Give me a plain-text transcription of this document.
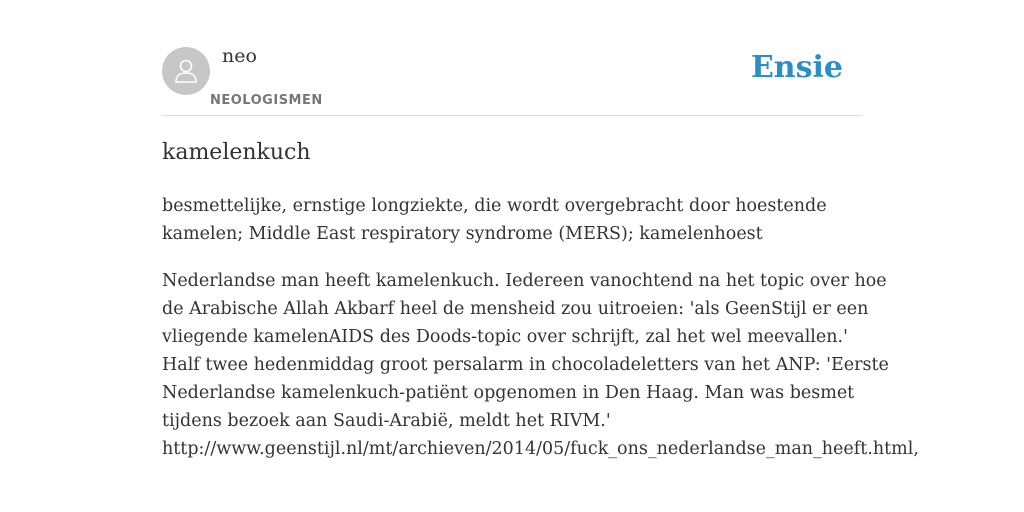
neo
NEOLOGISMEN
Ensie
kamelenkuch

besmettelijke, ernstige longziekte, die wordt overgebracht door hoestende
kamelen; Middle East respiratory syndrome (MERS); kamelenhoest

Nederlandse man heeft kamelenkuch. Iedereen vanochtend na het topic over hoe
de Arabische Allah Akbarf heel de mensheid zou uitroeien: 'als GeenStijl er een
vliegende kamelenAIDS des Doods-topic over schrijft, zal het wel meevallen.'
Half twee hedenmiddag groot persalarm in chocoladeletters van het ANP: 'Eerste
Nederlandse kamelenkuch-patiënt opgenomen in Den Haag. Man was besmet
tijdens bezoek aan Saudi-Arabië, meldt het RIVM.'
http://www.geenstijl.nl/mt/archieven/2014/05/fuck_ons_nederlandse_man_heeft.html,
